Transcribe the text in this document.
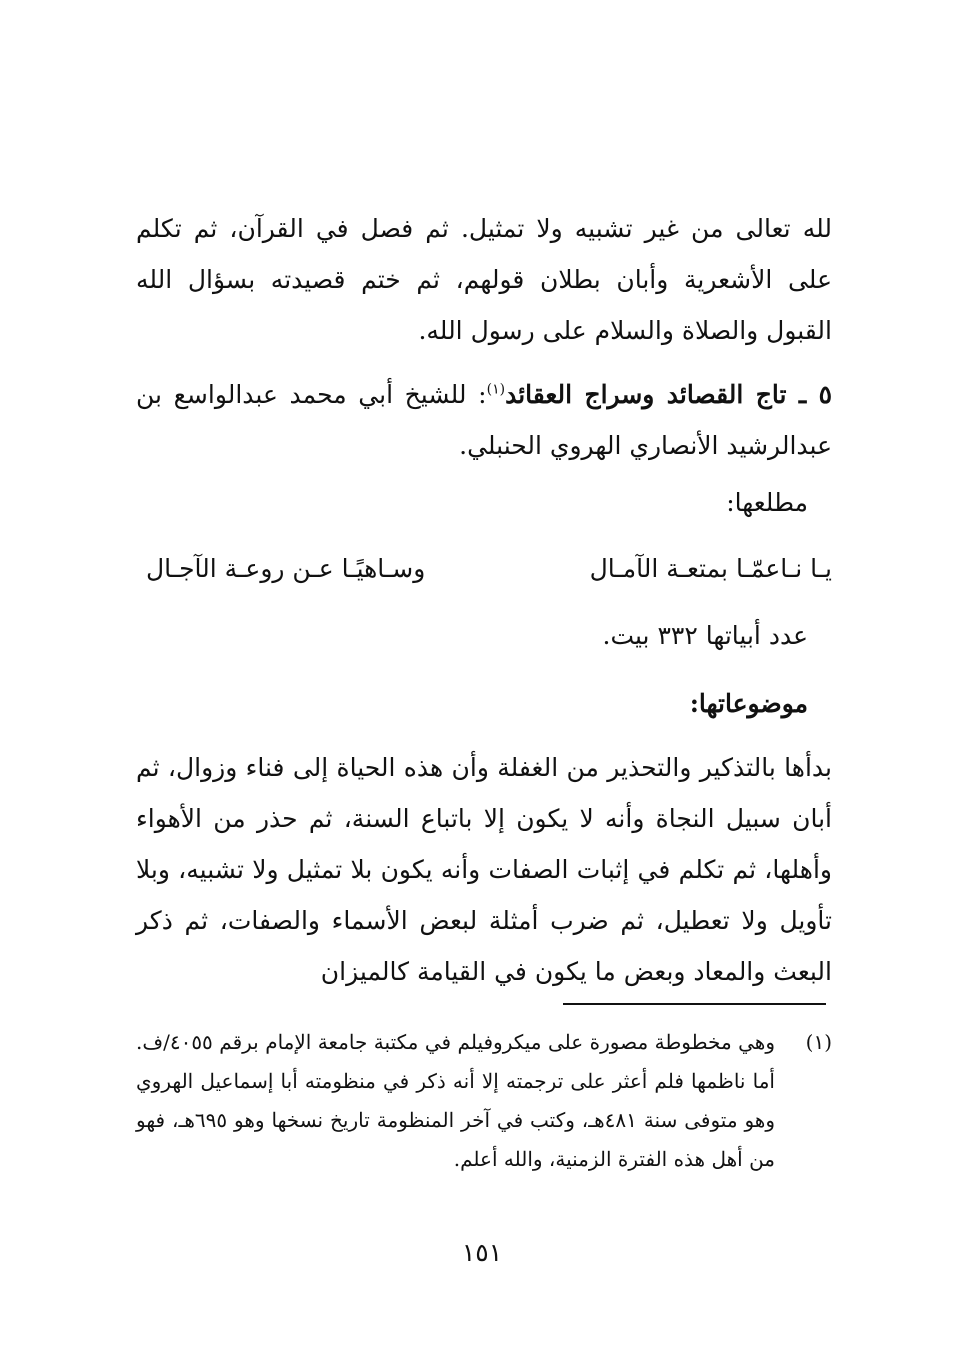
لله تعالى من غير تشبيه ولا تمثيل. ثم فصل في القرآن، ثم تكلم على الأشعرية وأبان بطلان قولهم، ثم ختم قصيدته بسؤال الله القبول والصلاة والسلام على رسول الله.

٥ ـ تاج القصائد وسراج العقائد$^{(١)}$: للشيخ أبي محمد عبدالواسع بن عبدالرشيد الأنصاري الهروي الحنبلي.

مطلعها:

يـا نـاعمّـا بمتعـة الآمـال
وسـاهيًـا عـن روعـة الآجـال

عدد أبياتها ٣٣٢ بيت.

موضوعاتها:

بدأها بالتذكير والتحذير من الغفلة وأن هذه الحياة إلى فناء وزوال، ثم أبان سبيل النجاة وأنه لا يكون إلا باتباع السنة، ثم حذر من الأهواء وأهلها، ثم تكلم في إثبات الصفات وأنه يكون بلا تمثيل ولا تشبيه، وبلا تأويل ولا تعطيل، ثم ضرب أمثلة لبعض الأسماء والصفات، ثم ذكر البعث والمعاد وبعض ما يكون في القيامة كالميزان

(١)
وهي مخطوطة مصورة على ميكروفيلم في مكتبة جامعة الإمام برقم ٤٠٥٥/ف. أما ناظمها فلم أعثر على ترجمته إلا أنه ذكر في منظومته أبا إسماعيل الهروي وهو متوفى سنة ٤٨١هـ، وكتب في آخر المنظومة تاريخ نسخها وهو ٦٩٥هـ، فهو من أهل هذه الفترة الزمنية، والله أعلم.
١٥١
